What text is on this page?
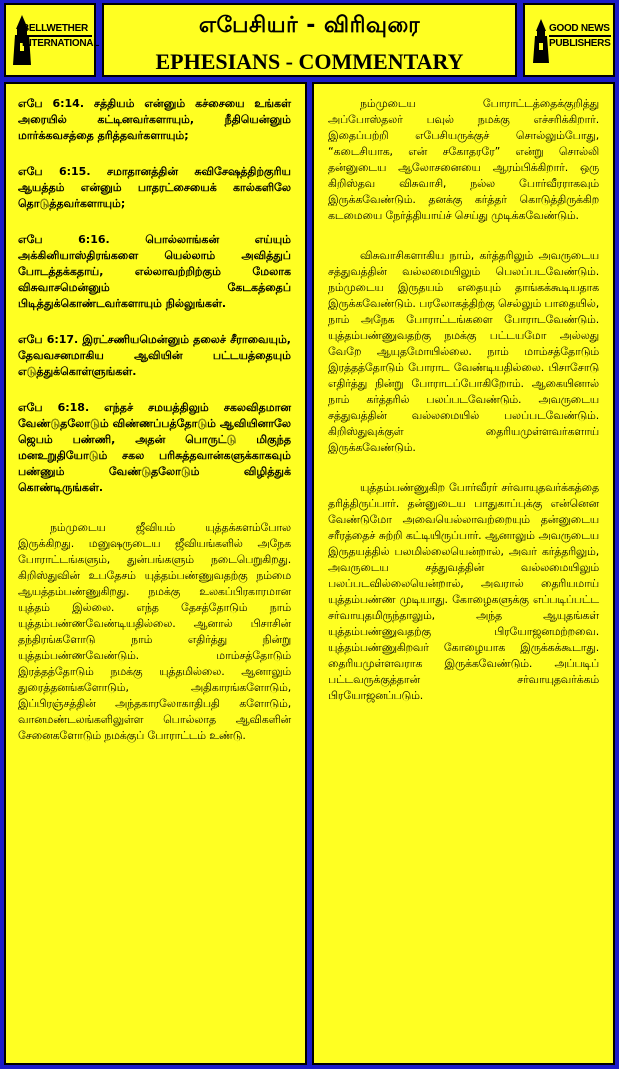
BELLWETHER
INTERNATIONAL
எபேசியர் - விரிவுரை
EPHESIANS - COMMENTARY
GOOD NEWS
PUBLISHERS

எபே 6:14. சத்தியம் என்னும் கச்சையை உங்கள் அரையில் கட்டினவர்களாயும், நீதியென்னும் மார்க்கவசத்தை தரித்தவர்களாயும்;

எபே 6:15. சமாதானத்தின் சுவிசேஷத்திற்குரிய ஆயத்தம் என்னும் பாதரட்சையைக் கால்களிலே தொடுத்தவர்களாயும்;

எபே 6:16. பொல்லாங்கன் எய்யும் அக்கினியாஸ்திரங்களை யெல்லாம் அவித்துப் போடத்தக்கதாய், எல்லாவற்றிற்கும் மேலாக விசுவாசமென்னும் கேடகத்தைப் பிடித்துக்கொண்டவர்களாயும் நில்லுங்கள்.

எபே 6:17. இரட்சணியமென்னும் தலைச் சீராவையும், தேவவசனமாகிய ஆவியின் பட்டயத்தையும் எடுத்துக்கொள்ளுங்கள்.

எபே 6:18. எந்தச் சமயத்திலும் சகலவிதமான வேண்டுதலோடும் விண்ணப்பத்தோடும் ஆவியினாலே ஜெபம் பண்ணி, அதன் பொருட்டு மிகுந்த மனஉறுதியோடும் சகல பரிசுத்தவான்களுக்காகவும் பண்ணும் வேண்டுதலோடும் விழித்துக் கொண்டிருங்கள்.

நம்முடைய ஜீவியம் யுத்தக்களம்போல இருக்கிறது. மனுஷருடைய ஜீவியங்களில் அநேக போராட்டங்களும், துன்பங்களும் நடைபெறுகிறது. கிறிஸ்துவின் உபதேசம் யுத்தம்பண்ணுவதற்கு நம்மை ஆயத்தம்பண்ணுகிறது. நமக்கு உலகப்பிரகாரமான யுத்தம் இல்லை. எந்த தேசத்தோடும் நாம் யுத்தம்பண்ணவேண்டியதில்லை. ஆனால் பிசாசின் தந்திரங்களோடு நாம் எதிர்த்து நின்று யுத்தம்பண்ணவேண்டும். மாம்சத்தோடும் இரத்தத்தோடும் நமக்கு யுத்தமில்லை. ஆனாலும் துரைத்தனங்களோடும், அதிகாரங்களோடும், இப்பிரஞ்சத்தின் அந்தகாரலோகாதிபதி களோடும், வானமண்டலங்களிலுள்ள பொல்லாத ஆவிகளின் சேனைகளோடும் நமக்குப் போராட்டம் உண்டு.

நம்முடைய போராட்டத்தைக்குறித்து அப்போஸ்தலர் பவுல் நமக்கு எச்சரிக்கிறார். இதைப்பற்றி எபேசியருக்குச் சொல்லும்போது, “கடைசியாக, என் சகோதரரே” என்று சொல்லி தன்னுடைய ஆலோசனையை ஆரம்பிக்கிறார். ஒரு கிறிஸ்தவ விசுவாசி, நல்ல போர்வீரராகவும் இருக்கவேண்டும். தனக்கு கர்த்தர் கொடுத்திருக்கிற கடமையை நேர்த்தியாய்ச் செய்து முடிக்கவேண்டும்.

விசுவாசிகளாகிய நாம், கர்த்தரிலும் அவருடைய சத்துவத்தின் வல்லமையிலும் பெலப்படவேண்டும். நம்முடைய இருதயம் எதையும் தாங்கக்கூடியதாக இருக்கவேண்டும். பரலோகத்திற்கு செல்லும் பாதையில், நாம் அநேக போராட்டங்களை போராடவேண்டும். யுத்தம்பண்ணுவதற்கு நமக்கு பட்டயமோ அல்லது வேறே ஆயுதமோயில்லை. நாம் மாம்சத்தோடும் இரத்தத்தோடும் போராட வேண்டியதில்லை. பிசாசோடு எதிர்த்து நின்று போராடப்போகிறோம். ஆகையினால் நாம் கர்த்தரில் பலப்படவேண்டும். அவருடைய சத்துவத்தின் வல்லமையில் பலப்படவேண்டும். கிறிஸ்துவுக்குள் தைரியமுள்ளவர்களாய் இருக்கவேண்டும்.

யுத்தம்பண்ணுகிற போர்வீரர் சர்வாயுதவர்க்கத்தை தரித்திருப்பார். தன்னுடைய பாதுகாப்புக்கு என்னென வேண்டுமோ அவையெல்லாவற்றையும் தன்னுடைய சரீரத்தைச் சுற்றி கட்டியிருப்பார். ஆனாலும் அவருடைய இருதயத்தில் பலமில்லையென்றால், அவர் கர்த்தரிலும், அவருடைய சத்துவத்தின் வல்லமையிலும் பலப்படவில்லையென்றால், அவரால் தைரியமாய் யுத்தம்பண்ண முடியாது. கோழைகளுக்கு எப்படிப்பட்ட சர்வாயுதமிருந்தாலும், அந்த ஆயுதங்கள் யுத்தம்பண்ணுவதற்கு பிரயோஜனமற்றவை. யுத்தம்பண்ணுகிறவர் கோழையாக இருக்கக்கூடாது. தைரியமுள்ளவராக இருக்கவேண்டும். அப்படிப் பட்டவருக்குத்தான் சர்வாயுதவர்க்கம் பிரயோஜனப்படும்.
